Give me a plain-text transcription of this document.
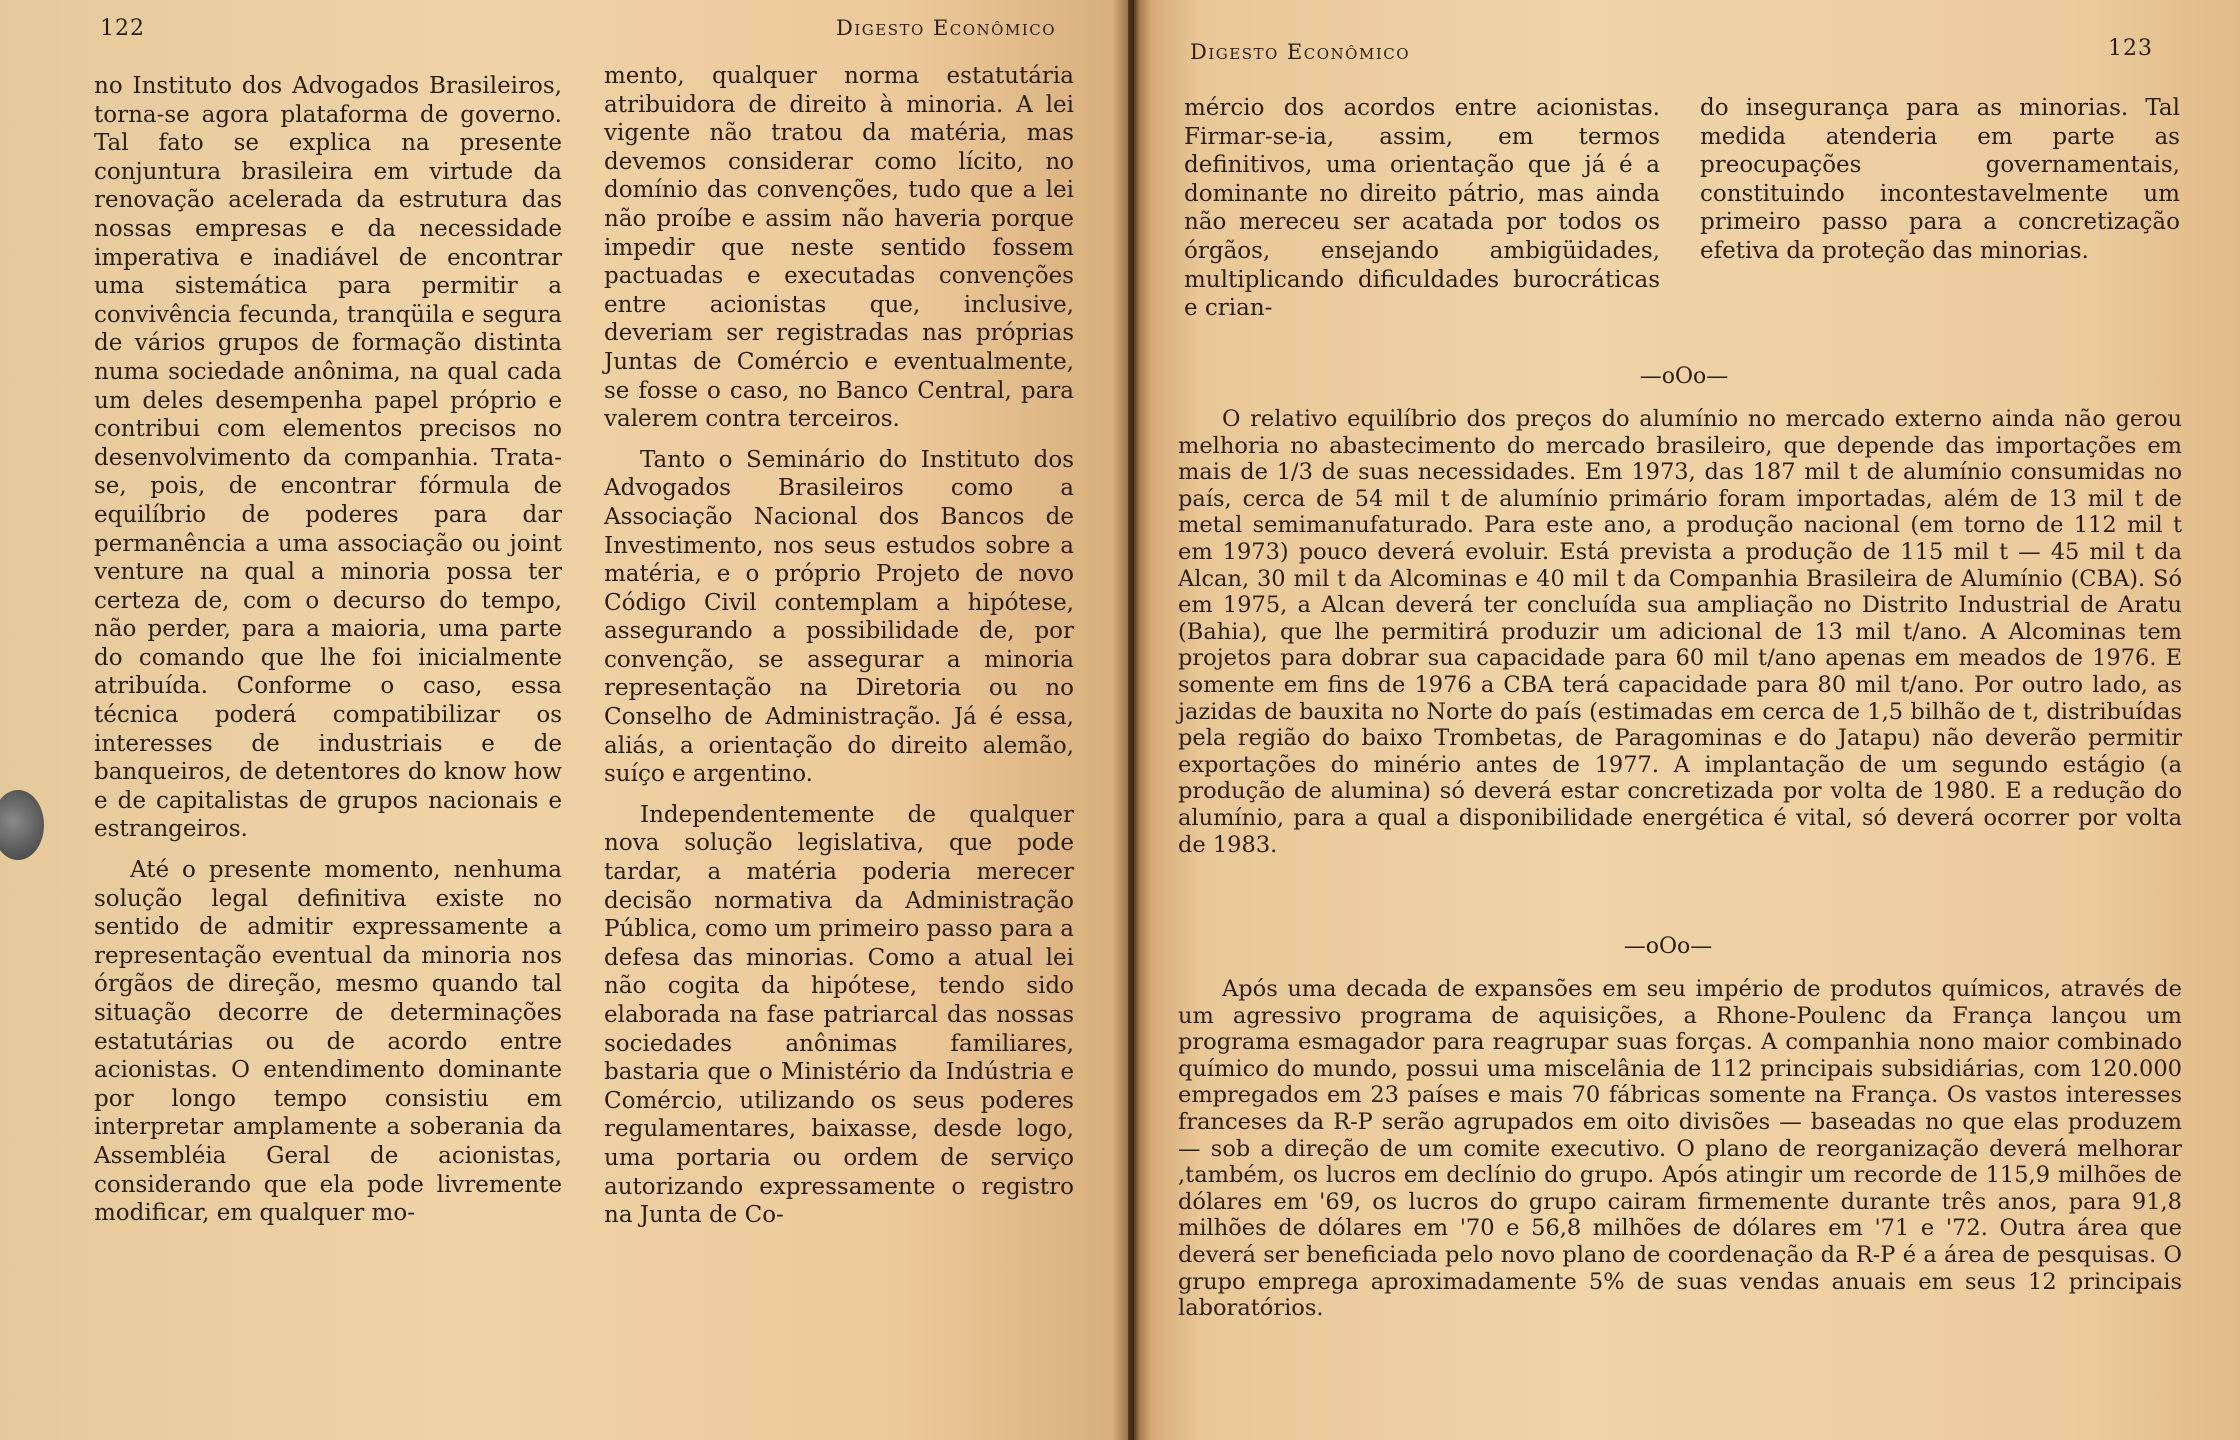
122	Digesto Econômico

no Instituto dos Advogados Brasileiros, torna-se agora plataforma de governo. Tal fato se explica na presente conjuntura brasileira em virtude da renovação acelerada da estrutura das nossas empresas e da necessidade imperativa e inadiável de encontrar uma sistemática para permitir a convivência fecunda, tranqüila e segura de vários grupos de formação distinta numa sociedade anônima, na qual cada um deles desempenha papel próprio e contribui com elementos precisos no desenvolvimento da companhia. Trata-se, pois, de encontrar fórmula de equilíbrio de poderes para dar permanência a uma associação ou joint venture na qual a minoria possa ter certeza de, com o decurso do tempo, não perder, para a maioria, uma parte do comando que lhe foi inicialmente atribuída. Conforme o caso, essa técnica poderá compatibilizar os interesses de industriais e de banqueiros, de detentores do know how e de capitalistas de grupos nacionais e estrangeiros.

Até o presente momento, nenhuma solução legal definitiva existe no sentido de admitir expressamente a representação eventual da minoria nos órgãos de direção, mesmo quando tal situação decorre de determinações estatutárias ou de acordo entre acionistas. O entendimento dominante por longo tempo consistiu em interpretar amplamente a soberania da Assembléia Geral de acionistas, considerando que ela pode livremente modificar, em qualquer mo-

mento, qualquer norma estatutária atribuidora de direito à minoria. A lei vigente não tratou da matéria, mas devemos considerar como lícito, no domínio das convenções, tudo que a lei não proíbe e assim não haveria porque impedir que neste sentido fossem pactuadas e executadas convenções entre acionistas que, inclusive, deveriam ser registradas nas próprias Juntas de Comércio e eventualmente, se fosse o caso, no Banco Central, para valerem contra terceiros.

Tanto o Seminário do Instituto dos Advogados Brasileiros como a Associação Nacional dos Bancos de Investimento, nos seus estudos sobre a matéria, e o próprio Projeto de novo Código Civil contemplam a hipótese, assegurando a possibilidade de, por convenção, se assegurar a minoria representação na Diretoria ou no Conselho de Administração. Já é essa, aliás, a orientação do direito alemão, suíço e argentino.

Independentemente de qualquer nova solução legislativa, que pode tardar, a matéria poderia merecer decisão normativa da Administração Pública, como um primeiro passo para a defesa das minorias. Como a atual lei não cogita da hipótese, tendo sido elaborada na fase patriarcal das nossas sociedades anônimas familiares, bastaria que o Ministério da Indústria e Comércio, utilizando os seus poderes regulamentares, baixasse, desde logo, uma portaria ou ordem de serviço autorizando expressamente o registro na Junta de Co-

Digesto Econômico	123

mércio dos acordos entre acionistas. Firmar-se-ia, assim, em termos definitivos, uma orientação que já é a dominante no direito pátrio, mas ainda não mereceu ser acatada por todos os órgãos, ensejando ambigüidades, multiplicando dificuldades burocráticas e crian-

do insegurança para as minorias. Tal medida atenderia em parte as preocupações governamentais, constituindo incontestavelmente um primeiro passo para a concretização efetiva da proteção das minorias.

—oOo—

O relativo equilíbrio dos preços do alumínio no mercado externo ainda não gerou melhoria no abastecimento do mercado brasileiro, que depende das importações em mais de 1/3 de suas necessidades. Em 1973, das 187 mil t de alumínio consumidas no país, cerca de 54 mil t de alumínio primário foram importadas, além de 13 mil t de metal semimanufaturado. Para este ano, a produção nacional (em torno de 112 mil t em 1973) pouco deverá evoluir. Está prevista a produção de 115 mil t — 45 mil t da Alcan, 30 mil t da Alcominas e 40 mil t da Companhia Brasileira de Alumínio (CBA). Só em 1975, a Alcan deverá ter concluída sua ampliação no Distrito Industrial de Aratu (Bahia), que lhe permitirá produzir um adicional de 13 mil t/ano. A Alcominas tem projetos para dobrar sua capacidade para 60 mil t/ano apenas em meados de 1976. E somente em fins de 1976 a CBA terá capacidade para 80 mil t/ano. Por outro lado, as jazidas de bauxita no Norte do país (estimadas em cerca de 1,5 bilhão de t, distribuídas pela região do baixo Trombetas, de Paragominas e do Jatapu) não deverão permitir exportações do minério antes de 1977. A implantação de um segundo estágio (a produção de alumina) só deverá estar concretizada por volta de 1980. E a redução do alumínio, para a qual a disponibilidade energética é vital, só deverá ocorrer por volta de 1983.

—oOo—

Após uma decada de expansões em seu império de produtos químicos, através de um agressivo programa de aquisições, a Rhone-Poulenc da França lançou um programa esmagador para reagrupar suas forças. A companhia nono maior combinado químico do mundo, possui uma miscelânia de 112 principais subsidiárias, com 120.000 empregados em 23 países e mais 70 fábricas somente na França. Os vastos interesses franceses da R-P serão agrupados em oito divisões — baseadas no que elas produzem — sob a direção de um comite executivo. O plano de reorganização deverá melhorar ,também, os lucros em declínio do grupo. Após atingir um recorde de 115,9 milhões de dólares em '69, os lucros do grupo cairam firmemente durante três anos, para 91,8 milhões de dólares em '70 e 56,8 milhões de dólares em '71 e '72. Outra área que deverá ser beneficiada pelo novo plano de coordenação da R-P é a área de pesquisas. O grupo emprega aproximadamente 5% de suas vendas anuais em seus 12 principais laboratórios.
